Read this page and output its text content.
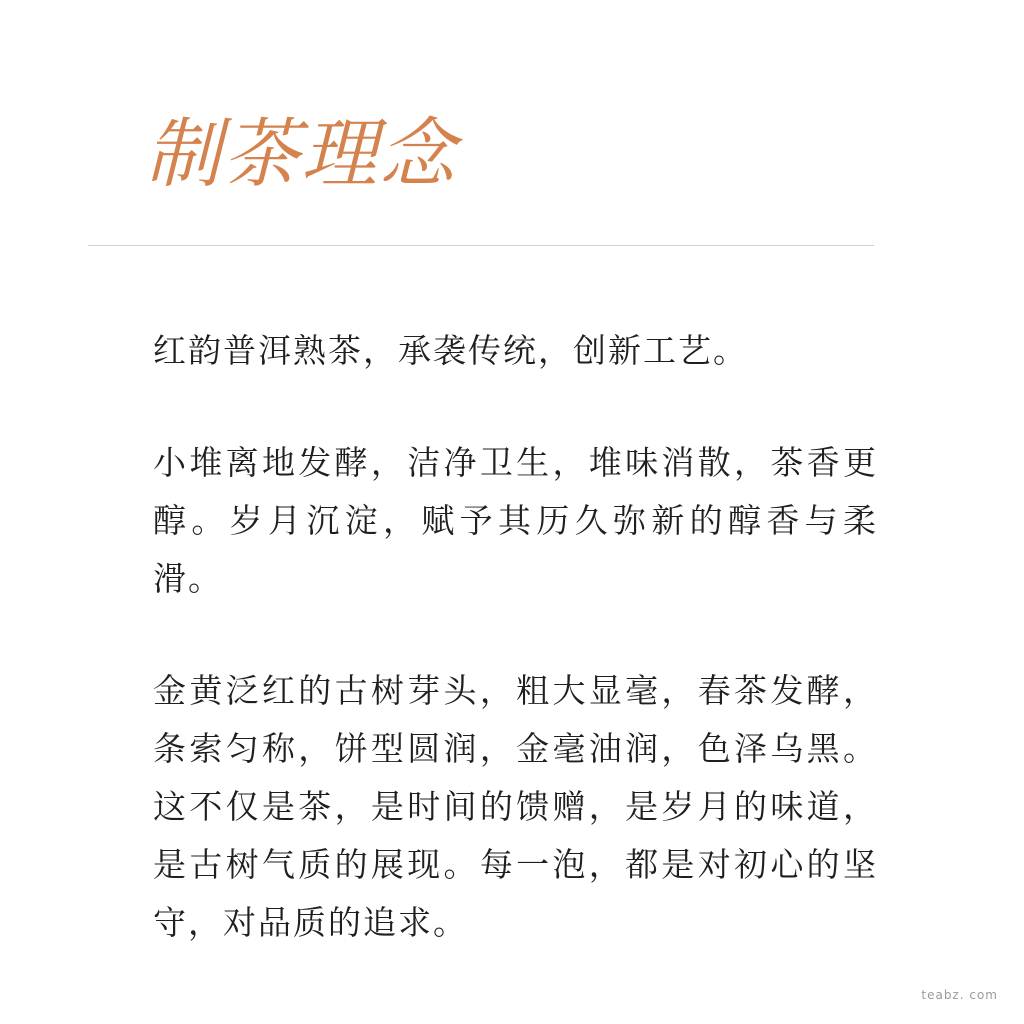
制茶理念

红韵普洱熟茶，承袭传统，创新工艺。

小堆离地发酵，洁净卫生，堆味消散，茶香更醇。岁月沉淀，赋予其历久弥新的醇香与柔滑。

金黄泛红的古树芽头，粗大显毫，春茶发酵，条索匀称，饼型圆润，金毫油润，色泽乌黑。这不仅是茶，是时间的馈赠，是岁月的味道，是古树气质的展现。每一泡，都是对初心的坚守，对品质的追求。

teabz. com
